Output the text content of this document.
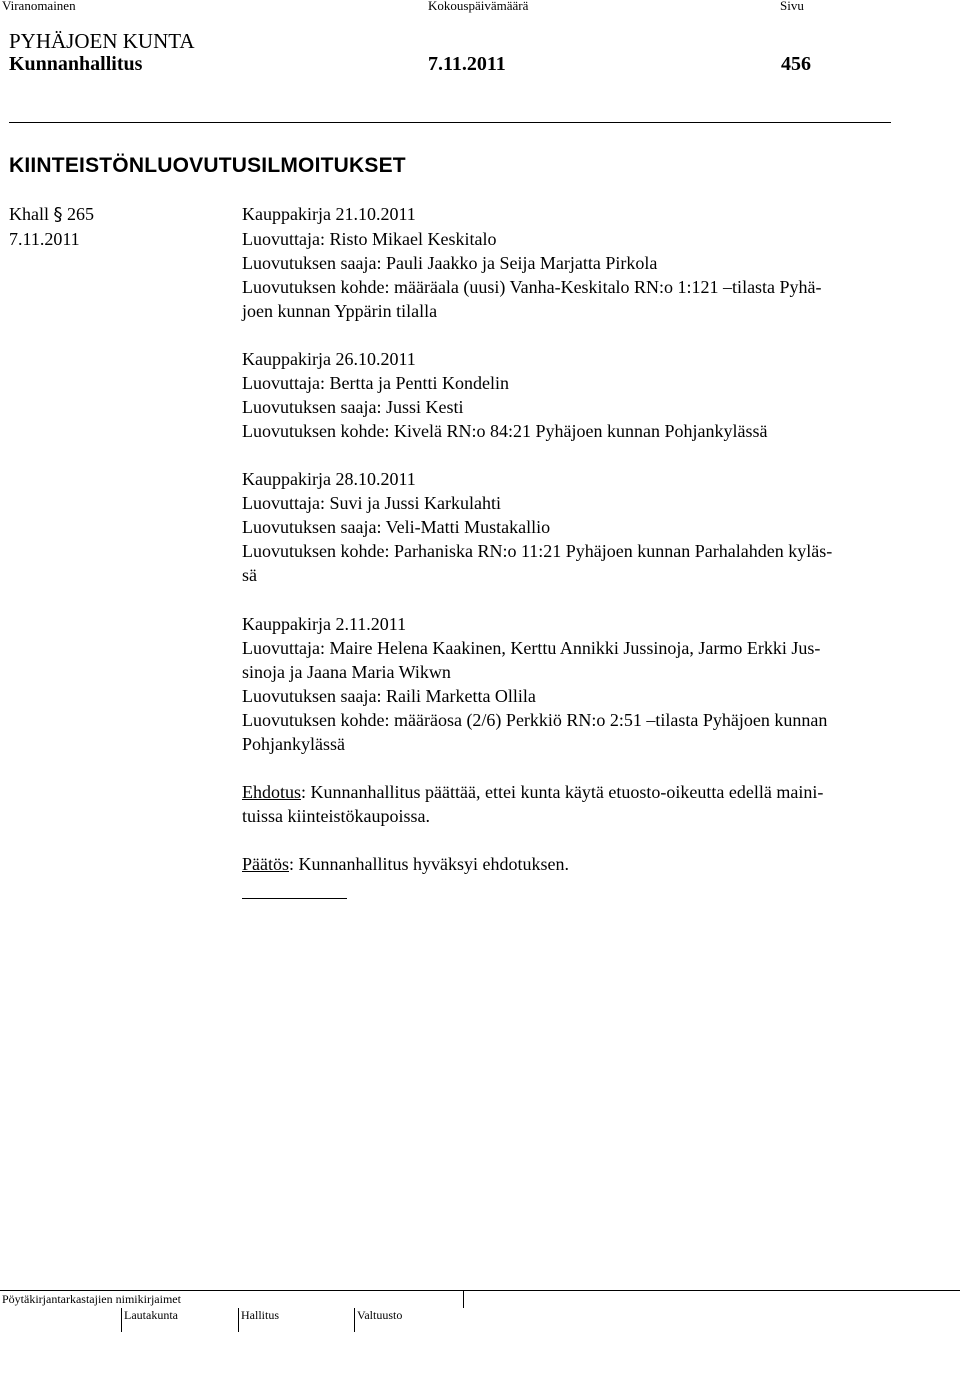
Viranomainen	Kokouspäivämäärä	Sivu
PYHÄJOEN KUNTA
Kunnanhallitus	7.11.2011	456
KIINTEISTÖNLUOVUTUSILMOITUKSET
Khall § 265
7.11.2011
Kauppakirja 21.10.2011
Luovuttaja: Risto Mikael Keskitalo
Luovutuksen saaja: Pauli Jaakko ja Seija Marjatta Pirkola
Luovutuksen kohde: määräala (uusi) Vanha-Keskitalo RN:o 1:121 –tilasta Pyhä-
joen kunnan Yppärin tilalla
Kauppakirja 26.10.2011
Luovuttaja: Bertta ja Pentti Kondelin
Luovutuksen saaja: Jussi Kesti
Luovutuksen kohde: Kivelä RN:o 84:21 Pyhäjoen kunnan Pohjankylässä
Kauppakirja 28.10.2011
Luovuttaja: Suvi ja Jussi Karkulahti
Luovutuksen saaja: Veli-Matti Mustakallio
Luovutuksen kohde: Parhaniska RN:o 11:21 Pyhäjoen kunnan Parhalahden kyläs-
sä
Kauppakirja 2.11.2011
Luovuttaja: Maire Helena Kaakinen, Kerttu Annikki Jussinoja, Jarmo Erkki Jus-
sinoja ja Jaana Maria Wikwn
Luovutuksen saaja: Raili Marketta Ollila
Luovutuksen kohde: määräosa (2/6) Perkkiö RN:o 2:51 –tilasta Pyhäjoen kunnan
Pohjankylässä
Ehdotus: Kunnanhallitus päättää, ettei kunta käytä etuosto-oikeutta edellä maini-
tuissa kiinteistökaupoissa.
Päätös: Kunnanhallitus hyväksyi ehdotuksen.
Pöytäkirjantarkastajien nimikirjaimet
Lautakunta	Hallitus	Valtuusto
